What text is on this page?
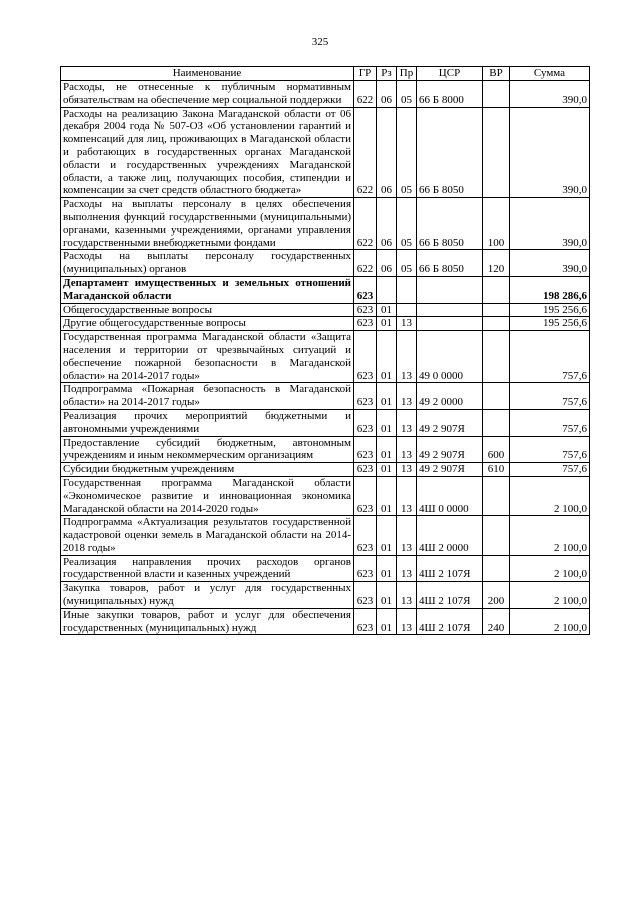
325
Наименование	ГР	Рз	Пр	ЦСР	ВР	Сумма
Расходы, не отнесенные к публичным нормативным обязательствам на обеспечение мер социальной поддержки	622	06	05	66 Б 8000		390,0
Расходы на реализацию Закона Магаданской области от 06 декабря 2004 года № 507-ОЗ «Об установлении гарантий и компенсаций для лиц, проживающих в Магаданской области и работающих в государственных органах Магаданской области и государственных учреждениях Магаданской области, а также лиц, получающих пособия, стипендии и компенсации за счет средств областного бюджета»	622	06	05	66 Б 8050		390,0
Расходы на выплаты персоналу в целях обеспечения выполнения функций государственными (муниципальными) органами, казенными учреждениями, органами управления государственными внебюджетными фондами	622	06	05	66 Б 8050	100	390,0
Расходы на выплаты персоналу государственных (муниципальных) органов	622	06	05	66 Б 8050	120	390,0
Департамент имущественных и земельных отношений Магаданской области	623					198 286,6
Общегосударственные вопросы	623	01				195 256,6
Другие общегосударственные вопросы	623	01	13			195 256,6
Государственная программа Магаданской области «Защита населения и территории от чрезвычайных ситуаций и обеспечение пожарной безопасности в Магаданской области» на 2014-2017 годы»	623	01	13	49 0 0000		757,6
Подпрограмма «Пожарная безопасность в Магаданской области» на 2014-2017 годы»	623	01	13	49 2 0000		757,6
Реализация прочих мероприятий бюджетными и автономными учреждениями	623	01	13	49 2 907Я		757,6
Предоставление субсидий бюджетным, автономным учреждениям и иным некоммерческим организациям	623	01	13	49 2 907Я	600	757,6
Субсидии бюджетным учреждениям	623	01	13	49 2 907Я	610	757,6
Государственная программа Магаданской области «Экономическое развитие и инновационная экономика Магаданской области на 2014-2020 годы»	623	01	13	4Ш 0 0000		2 100,0
Подпрограмма «Актуализация результатов государственной кадастровой оценки земель в Магаданской области на 2014-2018 годы»	623	01	13	4Ш 2 0000		2 100,0
Реализация направления прочих расходов органов государственной власти и казенных учреждений	623	01	13	4Ш 2 107Я		2 100,0
Закупка товаров, работ и услуг для государственных (муниципальных) нужд	623	01	13	4Ш 2 107Я	200	2 100,0
Иные закупки товаров, работ и услуг для обеспечения государственных (муниципальных) нужд	623	01	13	4Ш 2 107Я	240	2 100,0
